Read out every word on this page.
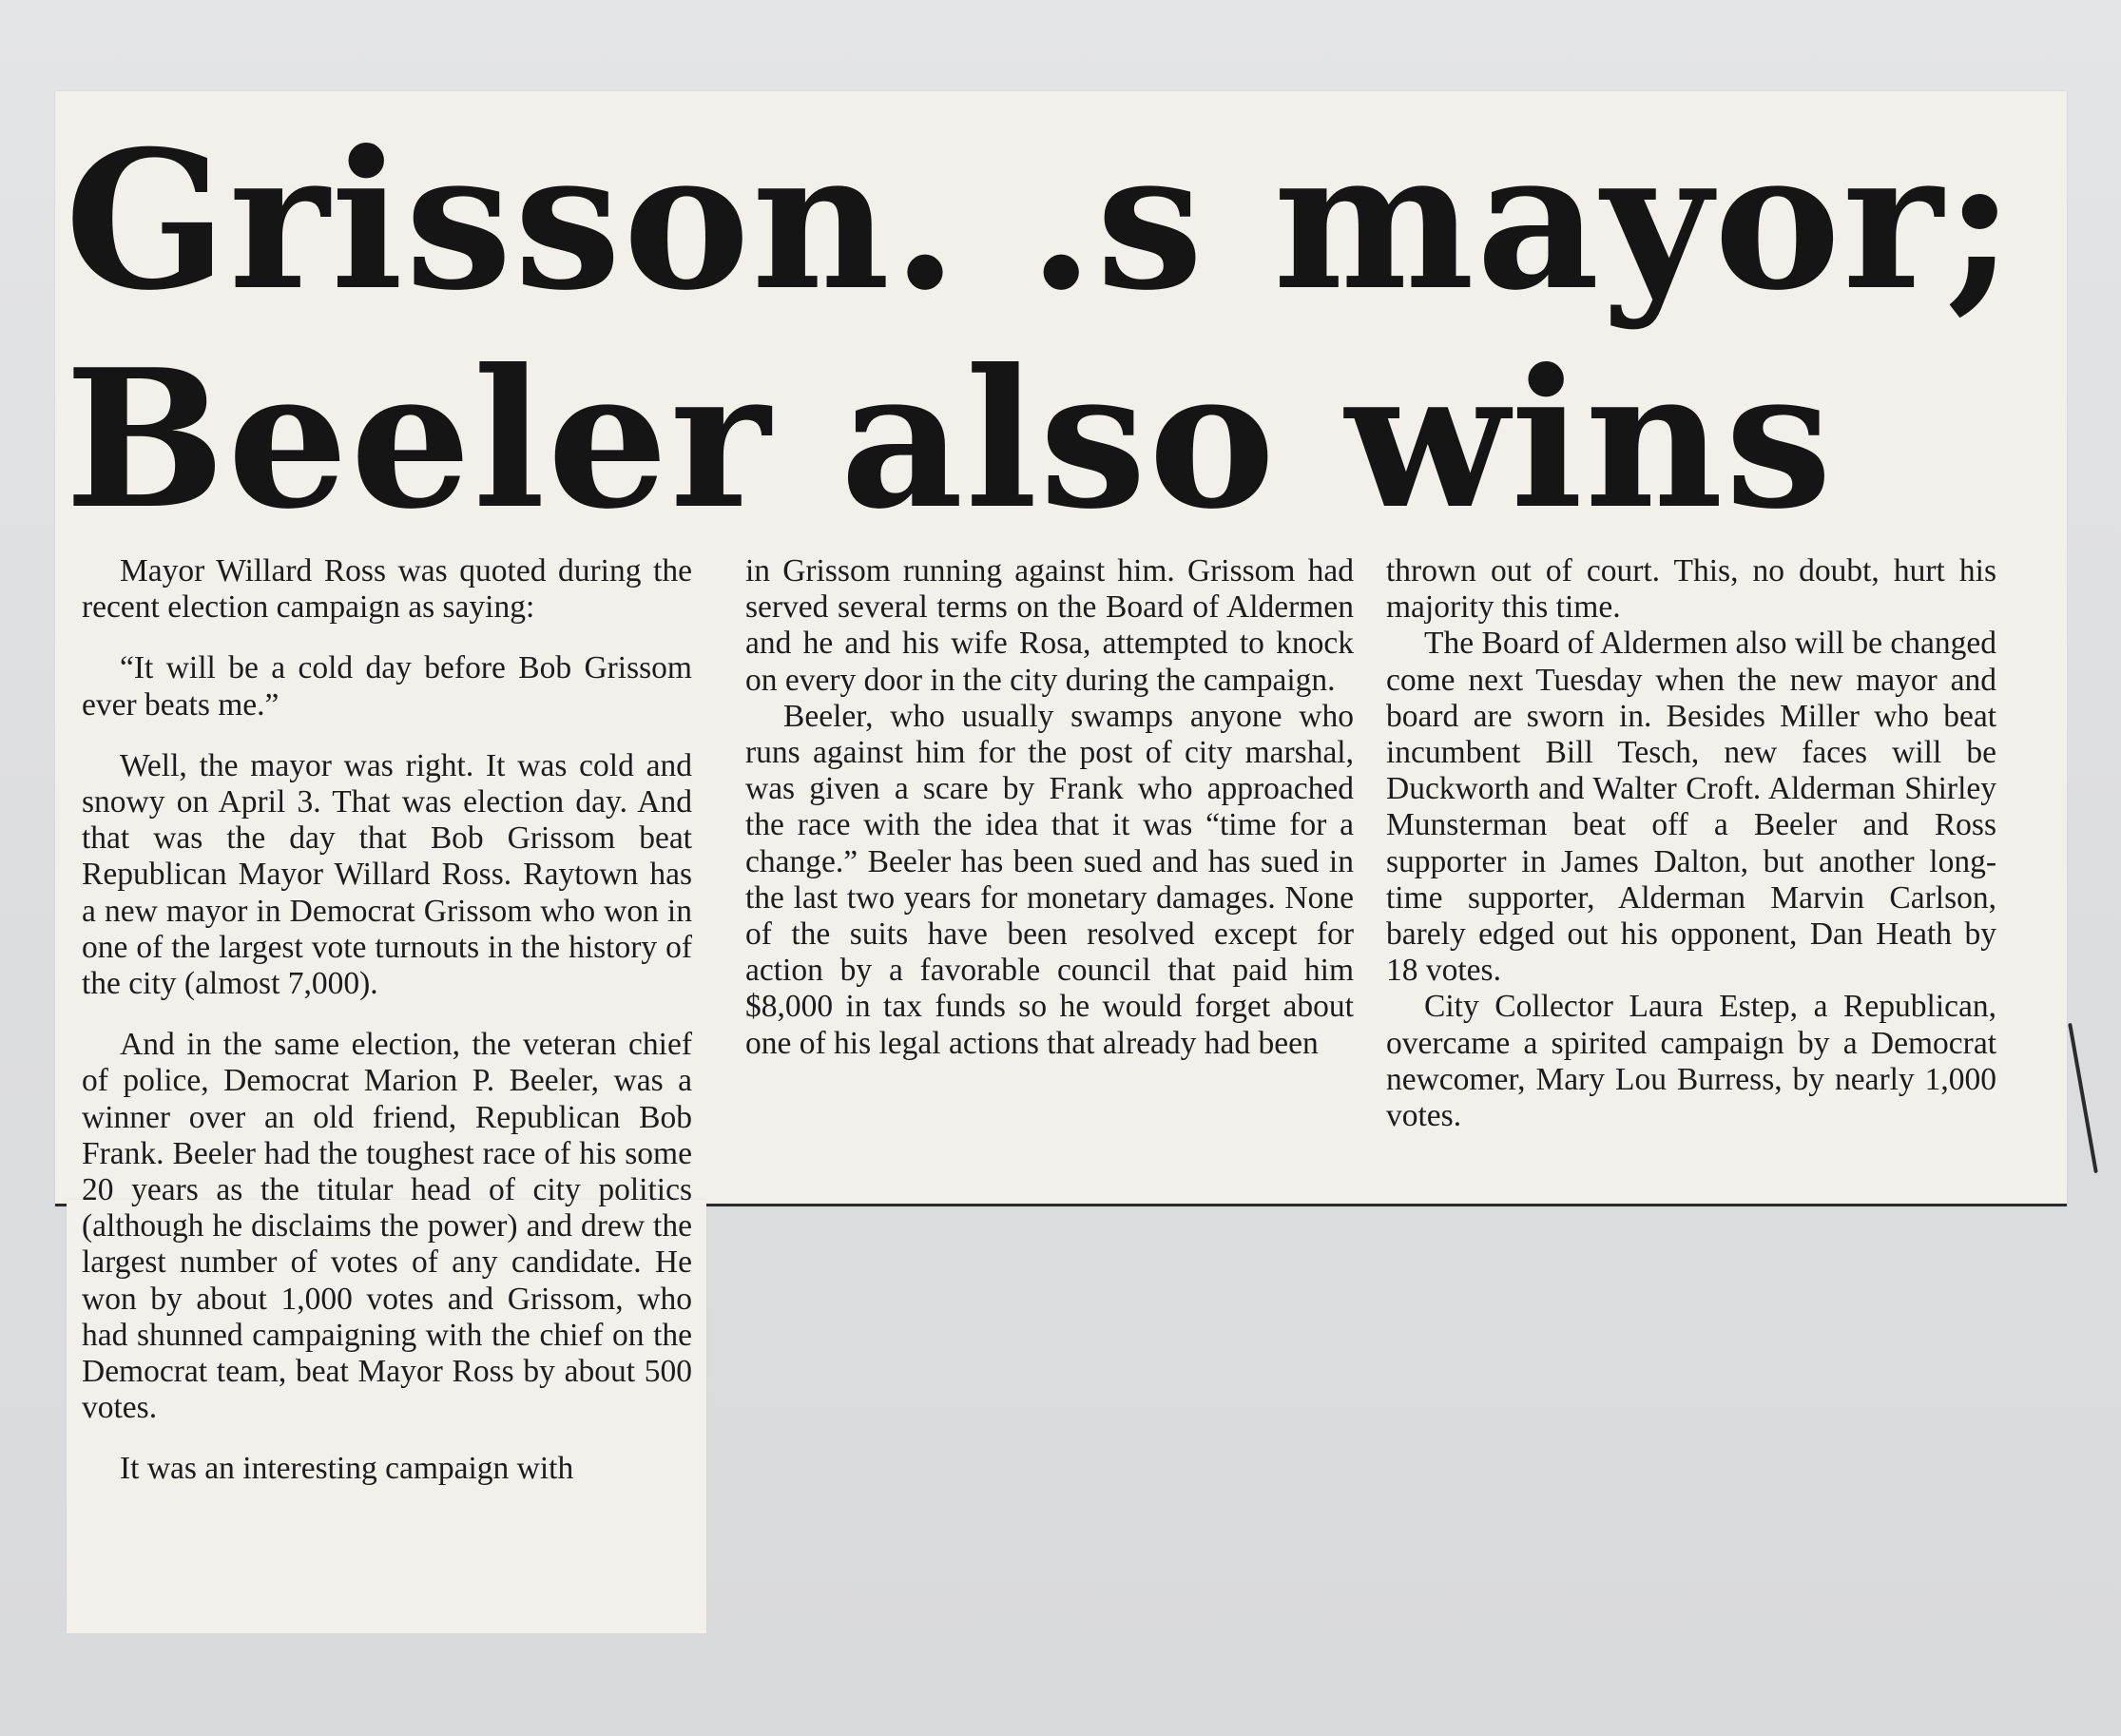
Grisson. .s mayor;
Beeler also wins

Mayor Willard Ross was quoted during the recent election campaign as saying:

“It will be a cold day before Bob Grissom ever beats me.”

Well, the mayor was right. It was cold and snowy on April 3. That was election day. And that was the day that Bob Grissom beat Republican Mayor Willard Ross. Raytown has a new mayor in Democrat Grissom who won in one of the largest vote turnouts in the history of the city (almost 7,000).

And in the same election, the veteran chief of police, Democrat Marion P. Beeler, was a winner over an old friend, Republican Bob Frank. Beeler had the toughest race of his some 20 years as the titular head of city politics (although he disclaims the power) and drew the largest number of votes of any candidate. He won by about 1,000 votes and Grissom, who had shunned campaigning with the chief on the Democrat team, beat Mayor Ross by about 500 votes.

It was an interesting campaign with

in Grissom running against him. Grissom had served several terms on the Board of Aldermen and he and his wife Rosa, attempted to knock on every door in the city during the campaign.

Beeler, who usually swamps anyone who runs against him for the post of city marshal, was given a scare by Frank who approached the race with the idea that it was “time for a change.” Beeler has been sued and has sued in the last two years for monetary damages. None of the suits have been resolved except for action by a favorable council that paid him $8,000 in tax funds so he would forget about one of his legal actions that already had been

thrown out of court. This, no doubt, hurt his majority this time.

The Board of Aldermen also will be changed come next Tuesday when the new mayor and board are sworn in. Besides Miller who beat incumbent Bill Tesch, new faces will be Duckworth and Walter Croft. Alderman Shirley Munsterman beat off a Beeler and Ross supporter in James Dalton, but another long-time supporter, Alderman Marvin Carlson, barely edged out his opponent, Dan Heath by 18 votes.

City Collector Laura Estep, a Republican, overcame a spirited campaign by a Democrat newcomer, Mary Lou Burress, by nearly 1,000 votes.
